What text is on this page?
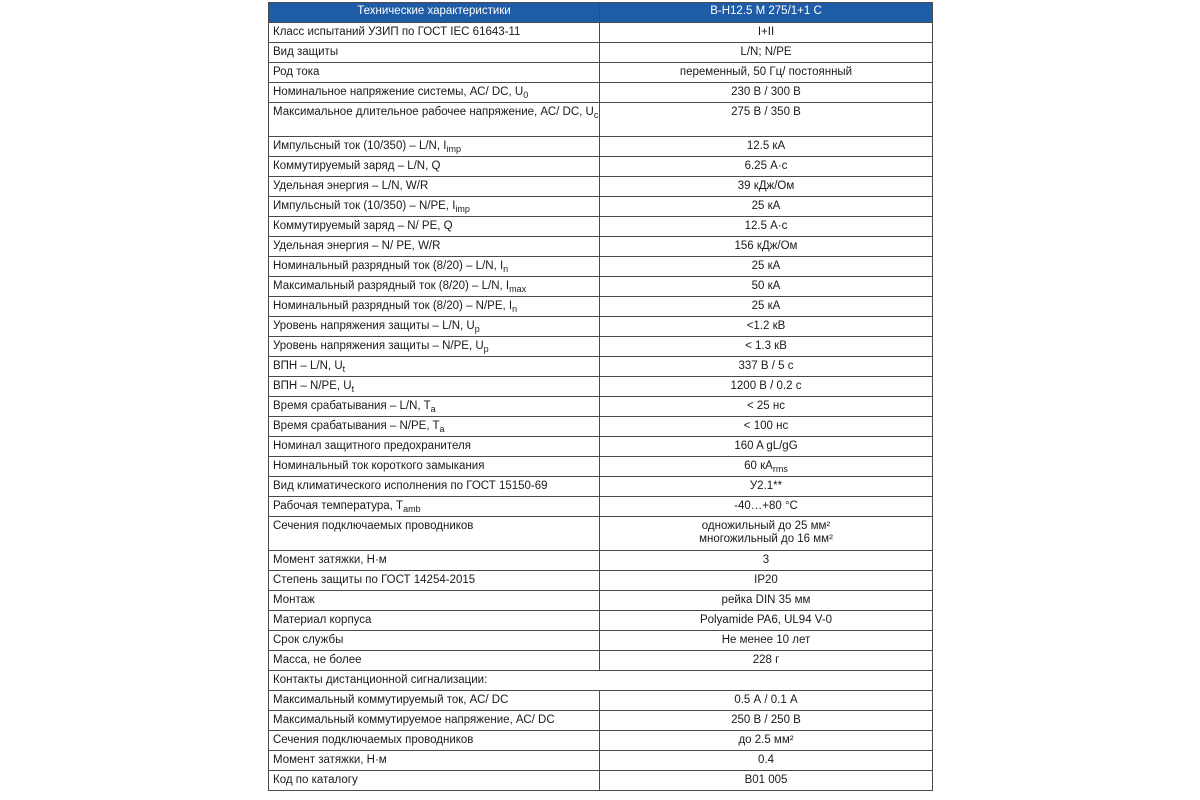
Технические характеристики	В-Н12.5 М 275/1+1 С
Класс испытаний УЗИП по ГОСТ IEC 61643-11	I+II
Вид защиты	L/N; N/PE
Род тока	переменный, 50 Гц/ постоянный
Номинальное напряжение системы, АС/ DC, $U_0$	230 В / 300 В
Максимальное длительное рабочее напряжение, АС/ DC, $U_c$	275 В / 350 В
Импульсный ток (10/350) – L/N, $I_{imp}$	12.5 кА
Коммутируемый заряд – L/N, Q	6.25 А·с
Удельная энергия – L/N, W/R	39 кДж/Ом
Импульсный ток (10/350) – N/PE, $I_{imp}$	25 кА
Коммутируемый заряд – N/ PE, Q	12.5 А·с
Удельная энергия – N/ PE, W/R	156 кДж/Ом
Номинальный разрядный ток (8/20) – L/N, $I_n$	25 кА
Максимальный разрядный ток (8/20) – L/N, $I_{max}$	50 кА
Номинальный разрядный ток (8/20) – N/PE, $I_n$	25 кА
Уровень напряжения защиты – L/N, $U_p$	<1.2 кВ
Уровень напряжения защиты – N/PE, $U_p$	< 1.3 кВ
ВПН – L/N, $U_t$	337 В / 5 с
ВПН – N/PE, $U_t$	1200 В / 0.2 с
Время срабатывания – L/N, $T_a$	< 25 нс
Время срабатывания – N/PE, $T_a$	< 100 нс
Номинал защитного предохранителя	160 A gL/gG
Номинальный ток короткого замыкания	60 $кА_{rms}$
Вид климатического исполнения по ГОСТ 15150-69	У2.1**
Рабочая температура, $T_{amb}$	-40…+80 °С
Сечения подключаемых проводников	одножильный до 25 мм²
многожильный до 16 мм²

Момент затяжки, Н·м	3
Степень защиты по ГОСТ 14254-2015	IP20
Монтаж	рейка DIN 35 мм
Материал корпуса	Polyamide PA6, UL94 V-0
Срок службы	Не менее 10 лет
Масса, не более	228 г
Контакты дистанционной сигнализации:	
Максимальный коммутируемый ток, АС/ DC	0.5 А / 0.1 А
Максимальный коммутируемое напряжение, АС/ DC	250 В / 250 В
Сечения подключаемых проводников	до 2.5 мм²
Момент затяжки, Н·м	0.4
Код по каталогу	В01 005
